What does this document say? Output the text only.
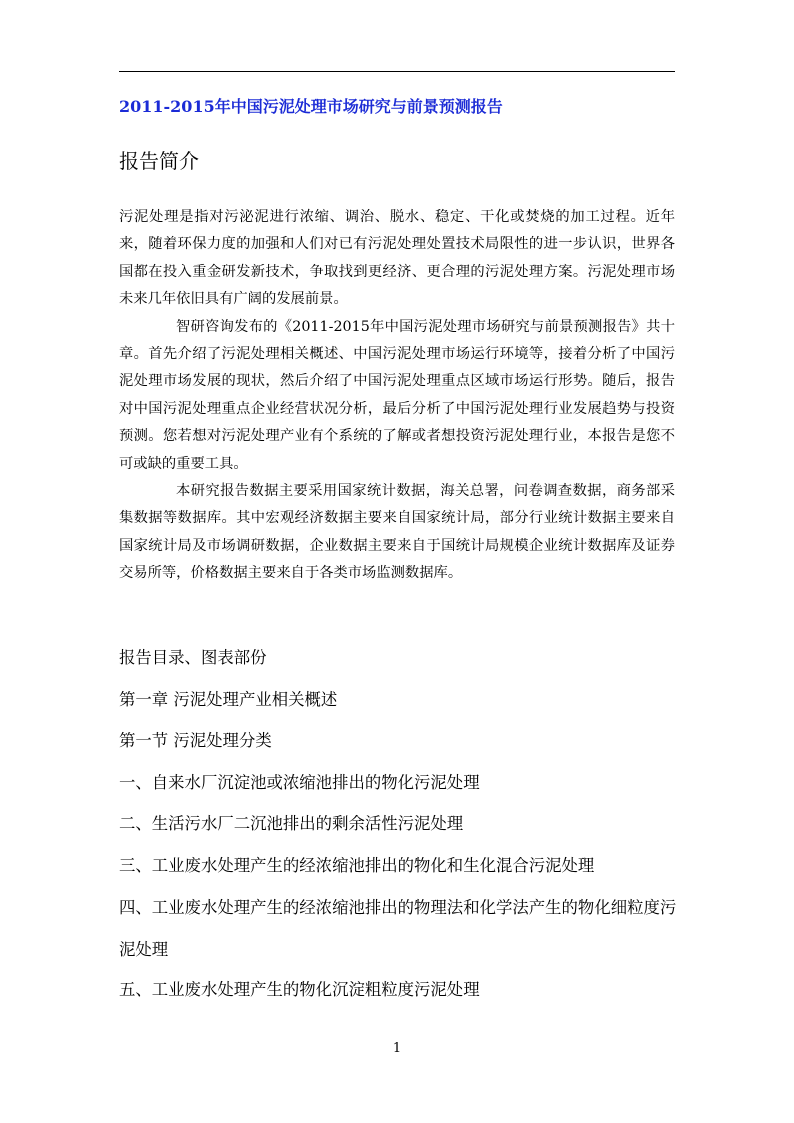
2011-2015年中国污泥处理市场研究与前景预测报告
报告简介

污泥处理是指对污泌泥进行浓缩、调治、脱水、稳定、干化或焚烧的加工过程。近年来，随着环保力度的加强和人们对已有污泥处理处置技术局限性的进一步认识，世界各国都在投入重金研发新技术，争取找到更经济、更合理的污泥处理方案。污泥处理市场未来几年依旧具有广阔的发展前景。

智研咨询发布的《2011-2015年中国污泥处理市场研究与前景预测报告》共十章。首先介绍了污泥处理相关概述、中国污泥处理市场运行环境等，接着分析了中国污泥处理市场发展的现状，然后介绍了中国污泥处理重点区域市场运行形势。随后，报告对中国污泥处理重点企业经营状况分析，最后分析了中国污泥处理行业发展趋势与投资预测。您若想对污泥处理产业有个系统的了解或者想投资污泥处理行业，本报告是您不可或缺的重要工具。

本研究报告数据主要采用国家统计数据，海关总署，问卷调查数据，商务部采集数据等数据库。其中宏观经济数据主要来自国家统计局，部分行业统计数据主要来自国家统计局及市场调研数据，企业数据主要来自于国统计局规模企业统计数据库及证券交易所等，价格数据主要来自于各类市场监测数据库。

报告目录、图表部份
第一章 污泥处理产业相关概述
第一节 污泥处理分类
一、自来水厂沉淀池或浓缩池排出的物化污泥处理
二、生活污水厂二沉池排出的剩余活性污泥处理
三、工业废水处理产生的经浓缩池排出的物化和生化混合污泥处理
四、工业废水处理产生的经浓缩池排出的物理法和化学法产生的物化细粒度污泥处理
五、工业废水处理产生的物化沉淀粗粒度污泥处理
1
